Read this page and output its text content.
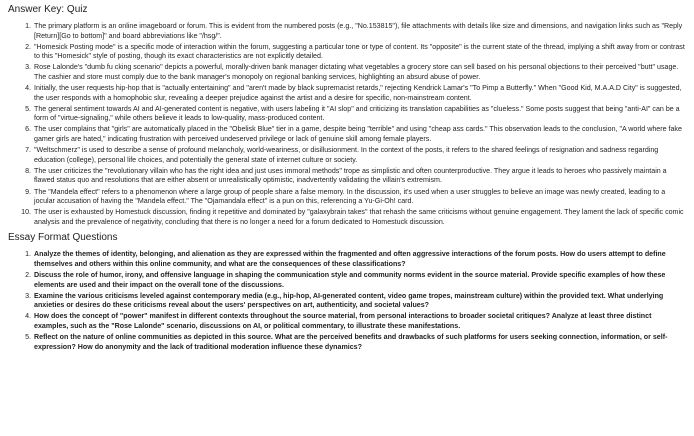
Answer Key: Quiz
1. The primary platform is an online imageboard or forum. This is evident from the numbered posts (e.g., "No.153815"), file attachments with details like size and dimensions, and navigation links such as "Reply [Return][Go to bottom]" and board abbreviations like "/hsg/".
2. "Homesick Posting mode" is a specific mode of interaction within the forum, suggesting a particular tone or type of content. Its "opposite" is the current state of the thread, implying a shift away from or contrast to this "Homesick" style of posting, though its exact characteristics are not explicitly detailed.
3. Rose Lalonde's "dumb fu cking scenario" depicts a powerful, morally-driven bank manager dictating what vegetables a grocery store can sell based on his personal objections to their perceived "butt" usage. The cashier and store must comply due to the bank manager's monopoly on regional banking services, highlighting an absurd abuse of power.
4. Initially, the user requests hip-hop that is "actually entertaining" and "aren't made by black supremacist retards," rejecting Kendrick Lamar's "To Pimp a Butterfly." When "Good Kid, M.A.A.D City" is suggested, the user responds with a homophobic slur, revealing a deeper prejudice against the artist and a desire for specific, non-mainstream content.
5. The general sentiment towards AI and AI-generated content is negative, with users labeling it "AI slop" and criticizing its translation capabilities as "clueless." Some posts suggest that being "anti-AI" can be a form of "virtue-signaling," while others believe it leads to low-quality, mass-produced content.
6. The user complains that "girls" are automatically placed in the "Obelisk Blue" tier in a game, despite being "terrible" and using "cheap ass cards." This observation leads to the conclusion, "A world where fake gamer girls are hated," indicating frustration with perceived undeserved privilege or lack of genuine skill among female players.
7. "Weltschmerz" is used to describe a sense of profound melancholy, world-weariness, or disillusionment. In the context of the posts, it refers to the shared feelings of resignation and sadness regarding education (college), personal life choices, and potentially the general state of internet culture or society.
8. The user criticizes the "revolutionary villain who has the right idea and just uses immoral methods" trope as simplistic and often counterproductive. They argue it leads to heroes who passively maintain a flawed status quo and resolutions that are either absent or unrealistically optimistic, inadvertently validating the villain's extremism.
9. The "Mandela effect" refers to a phenomenon where a large group of people share a false memory. In the discussion, it's used when a user struggles to believe an image was newly created, leading to a jocular accusation of having the "Mandela effect." The "Ojamandala effect" is a pun on this, referencing a Yu-Gi-Oh! card.
10. The user is exhausted by Homestuck discussion, finding it repetitive and dominated by "galaxybrain takes" that rehash the same criticisms without genuine engagement. They lament the lack of specific comic analysis and the prevalence of negativity, concluding that there is no longer a need for a forum dedicated to Homestuck discussion.
Essay Format Questions
1. Analyze the themes of identity, belonging, and alienation as they are expressed within the fragmented and often aggressive interactions of the forum posts. How do users attempt to define themselves and others within this online community, and what are the consequences of these classifications?
2. Discuss the role of humor, irony, and offensive language in shaping the communication style and community norms evident in the source material. Provide specific examples of how these elements are used and their impact on the overall tone of the discussions.
3. Examine the various criticisms leveled against contemporary media (e.g., hip-hop, AI-generated content, video game tropes, mainstream culture) within the provided text. What underlying anxieties or desires do these criticisms reveal about the users' perspectives on art, authenticity, and societal values?
4. How does the concept of "power" manifest in different contexts throughout the source material, from personal interactions to broader societal critiques? Analyze at least three distinct examples, such as the "Rose Lalonde" scenario, discussions on AI, or political commentary, to illustrate these manifestations.
5. Reflect on the nature of online communities as depicted in this source. What are the perceived benefits and drawbacks of such platforms for users seeking connection, information, or self-expression? How do anonymity and the lack of traditional moderation influence these dynamics?
